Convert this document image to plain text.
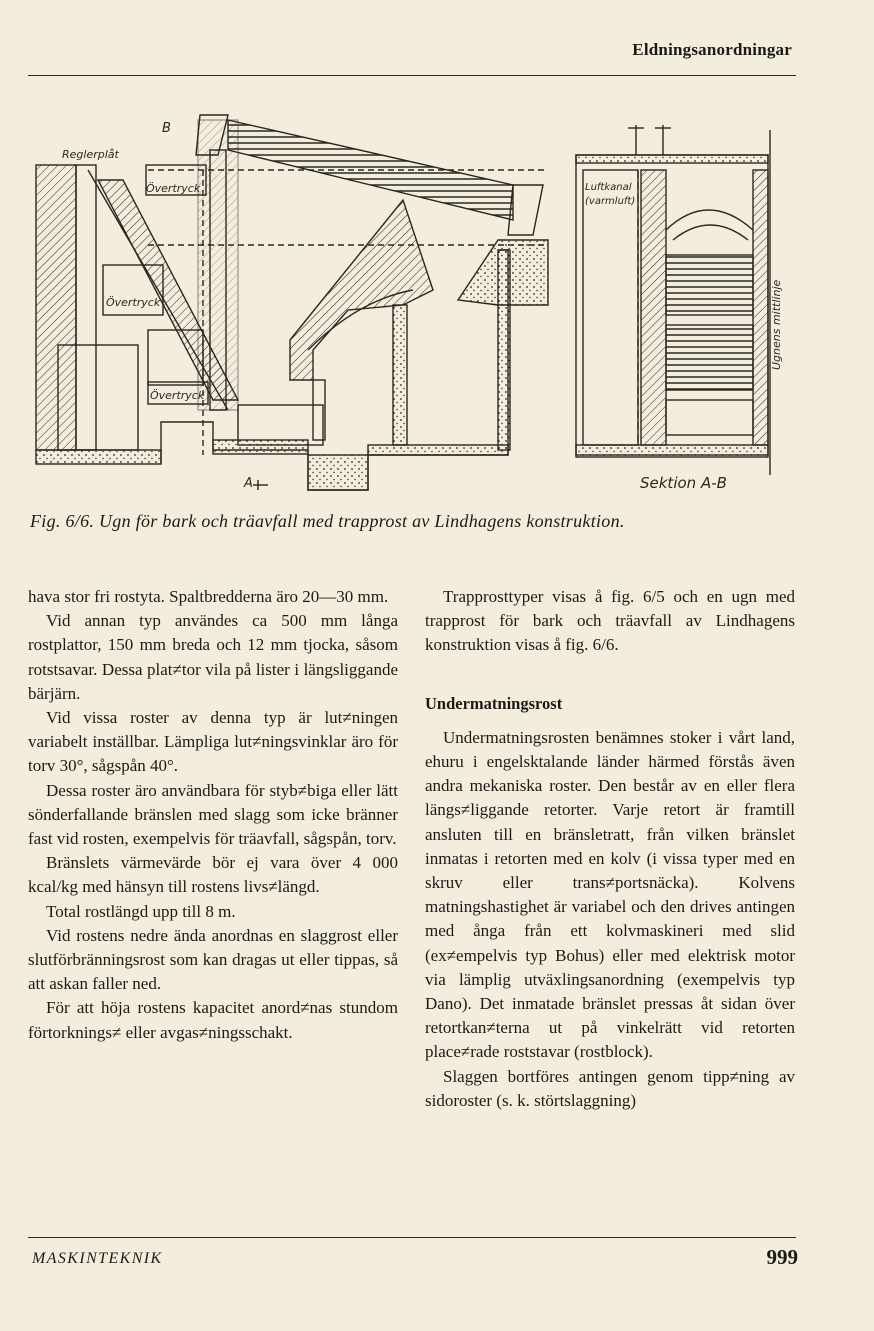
Eldningsanordningar
Reglerplåt
B
Övertryck
Övertryck
Övertryck
A
Luftkanal
(varmluft)
Ugnens mittlinje
Sektion A-B
Fig. 6/6. Ugn för bark och träavfall med trapprost av Lindhagens konstruktion.

hava stor fri rostyta. Spaltbredderna äro 20—30 mm.

Vid annan typ användes ca 500 mm långa rostplattor, 150 mm breda och 12 mm tjocka, såsom rotstsavar. Dessa plat≠tor vila på lister i längsliggande bärjärn.

Vid vissa roster av denna typ är lut≠ningen variabelt inställbar. Lämpliga lut≠ningsvinklar äro för torv 30°, sågspån 40°.

Dessa roster äro användbara för styb≠biga eller lätt sönderfallande bränslen med slagg som icke bränner fast vid rosten, exempelvis för träavfall, sågspån, torv.

Bränslets värmevärde bör ej vara över 4 000 kcal/kg med hänsyn till rostens livs≠längd.

Total rostlängd upp till 8 m.

Vid rostens nedre ända anordnas en slaggrost eller slutförbränningsrost som kan dragas ut eller tippas, så att askan faller ned.

För att höja rostens kapacitet anord≠nas stundom förtorknings≠ eller avgas≠ningsschakt.

Trapprosttyper visas å fig. 6/5 och en ugn med trapprost för bark och träavfall av Lindhagens konstruktion visas å fig. 6/6.

Undermatningsrost

Undermatningsrosten benämnes stoker i vårt land, ehuru i engelsktalande länder härmed förstås även andra mekaniska roster. Den består av en eller flera längs≠liggande retorter. Varje retort är framtill ansluten till en bränsletratt, från vilken bränslet inmatas i retorten med en kolv (i vissa typer med en skruv eller trans≠portsnäcka). Kolvens matningshastighet är variabel och den drives antingen med ånga från ett kolvmaskineri med slid (ex≠empelvis typ Bohus) eller med elektrisk motor via lämplig utväxlingsanordning (exempelvis typ Dano). Det inmatade bränslet pressas åt sidan över retortkan≠terna ut på vinkelrätt vid retorten place≠rade roststavar (rostblock).

Slaggen bortföres antingen genom tipp≠ning av sidoroster (s. k. störtslaggning)

MASKINTEKNIK	999
